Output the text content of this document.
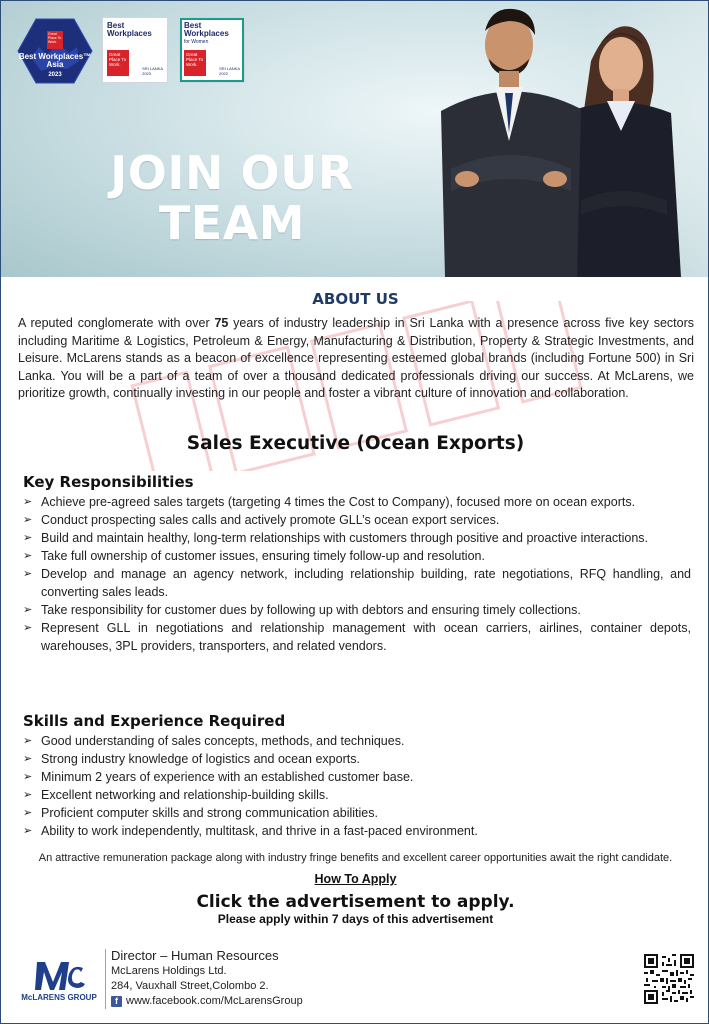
Great Place To Work.
Best Workplaces™ Asia
2023
Best Workplaces
Great Place To Work.
SRI LANKA
2023
Best Workplaces
for Women
Great Place To Work.
SRI LANKA
2022
JOIN OUR
TEAM
ABOUT US

A reputed conglomerate with over 75 years of industry leadership in Sri Lanka with a presence across five key sectors including Maritime & Logistics, Petroleum & Energy, Manufacturing & Distribution, Property & Strategic Investments, and Leisure. McLarens stands as a beacon of excellence representing esteemed global brands (including Fortune 500) in Sri Lanka. You will be a part of a team of over a thousand dedicated professionals driving our success. At McLarens, we prioritize growth, continually investing in our people and foster a vibrant culture of innovation and collaboration.

Sales Executive (Ocean Exports)
Key Responsibilities
➢ Achieve pre-agreed sales targets (targeting 4 times the Cost to Company), focused more on ocean exports.
➢ Conduct prospecting sales calls and actively promote GLL’s ocean export services.
➢ Build and maintain healthy, long-term relationships with customers through positive and proactive interactions.
➢ Take full ownership of customer issues, ensuring timely follow-up and resolution.
➢ Develop and manage an agency network, including relationship building, rate negotiations, RFQ handling, and converting sales leads.
➢ Take responsibility for customer dues by following up with debtors and ensuring timely collections.
➢ Represent GLL in negotiations and relationship management with ocean carriers, airlines, container depots, warehouses, 3PL providers, transporters, and related vendors.
Skills and Experience Required
➢ Good understanding of sales concepts, methods, and techniques.
➢ Strong industry knowledge of logistics and ocean exports.
➢ Minimum 2 years of experience with an established customer base.
➢ Excellent networking and relationship-building skills.
➢ Proficient computer skills and strong communication abilities.
➢ Ability to work independently, multitask, and thrive in a fast-paced environment.
An attractive remuneration package along with industry fringe benefits and excellent career opportunities await the right candidate.
How To Apply
Click the advertisement to apply.
Please apply within 7 days of this advertisement
McLARENS GROUP
Director – Human Resources
McLarens Holdings Ltd.
284, Vauxhall Street,Colombo 2.
f www.facebook.com/McLarensGroup
